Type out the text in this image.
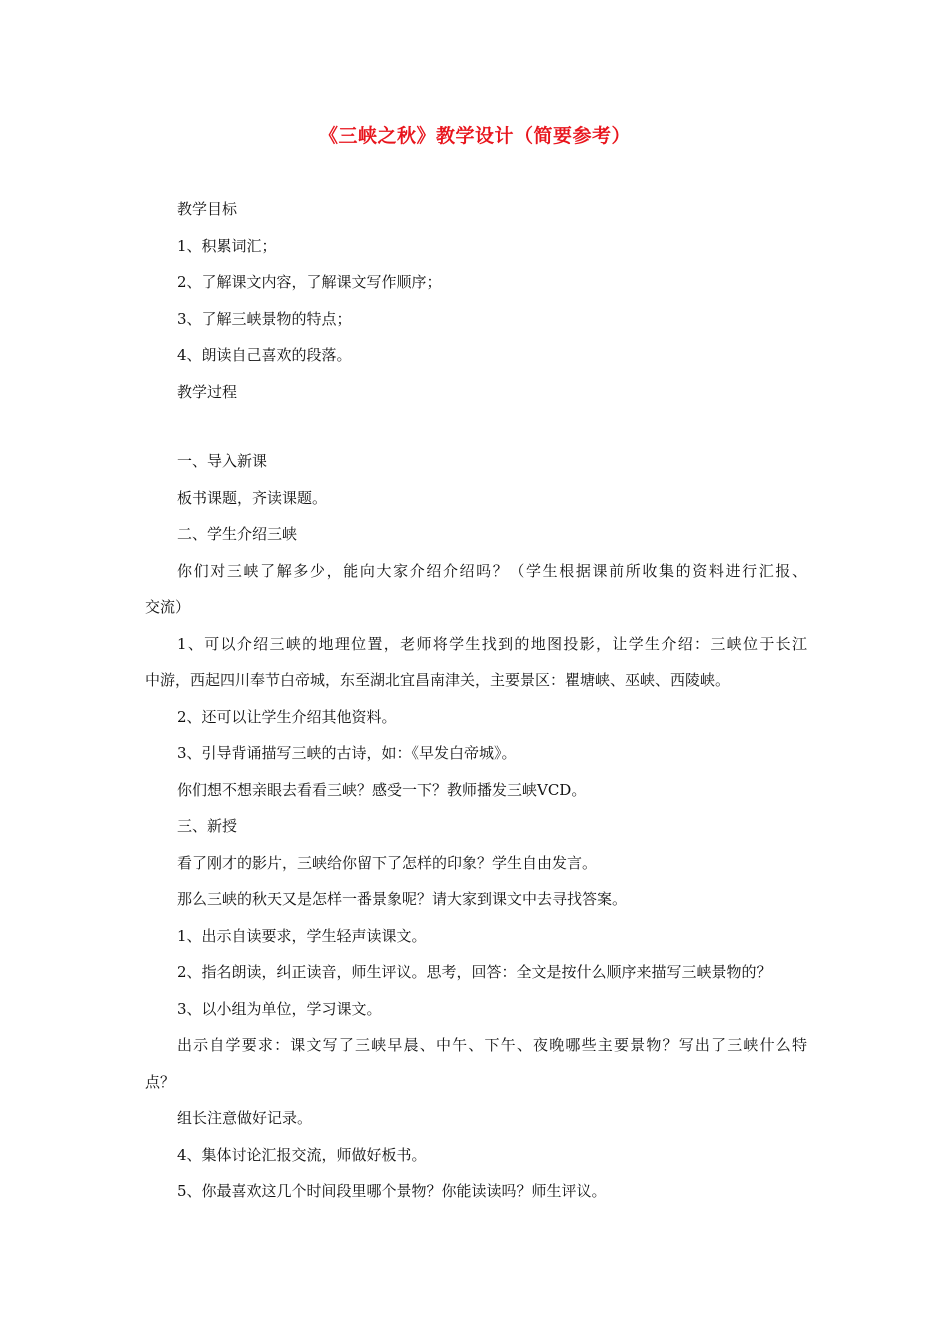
《三峡之秋》教学设计（简要参考）
教学目标
1、积累词汇；
2、了解课文内容，了解课文写作顺序；
3、了解三峡景物的特点；
4、朗读自己喜欢的段落。
教学过程
一、导入新课
板书课题，齐读课题。
二、学生介绍三峡
你们对三峡了解多少，能向大家介绍介绍吗？（学生根据课前所收集的资料进行汇报、
交流）
1、可以介绍三峡的地理位置，老师将学生找到的地图投影，让学生介绍：三峡位于长江
中游，西起四川奉节白帝城，东至湖北宜昌南津关，主要景区：瞿塘峡、巫峡、西陵峡。
2、还可以让学生介绍其他资料。
3、引导背诵描写三峡的古诗，如：《早发白帝城》。
你们想不想亲眼去看看三峡？感受一下？教师播发三峡VCD。
三、新授
看了刚才的影片，三峡给你留下了怎样的印象？学生自由发言。
那么三峡的秋天又是怎样一番景象呢？请大家到课文中去寻找答案。
1、出示自读要求，学生轻声读课文。
2、指名朗读，纠正读音，师生评议。思考，回答：全文是按什么顺序来描写三峡景物的？
3、以小组为单位，学习课文。
出示自学要求：课文写了三峡早晨、中午、下午、夜晚哪些主要景物？写出了三峡什么特
点？
组长注意做好记录。
4、集体讨论汇报交流，师做好板书。
5、你最喜欢这几个时间段里哪个景物？你能读读吗？师生评议。
